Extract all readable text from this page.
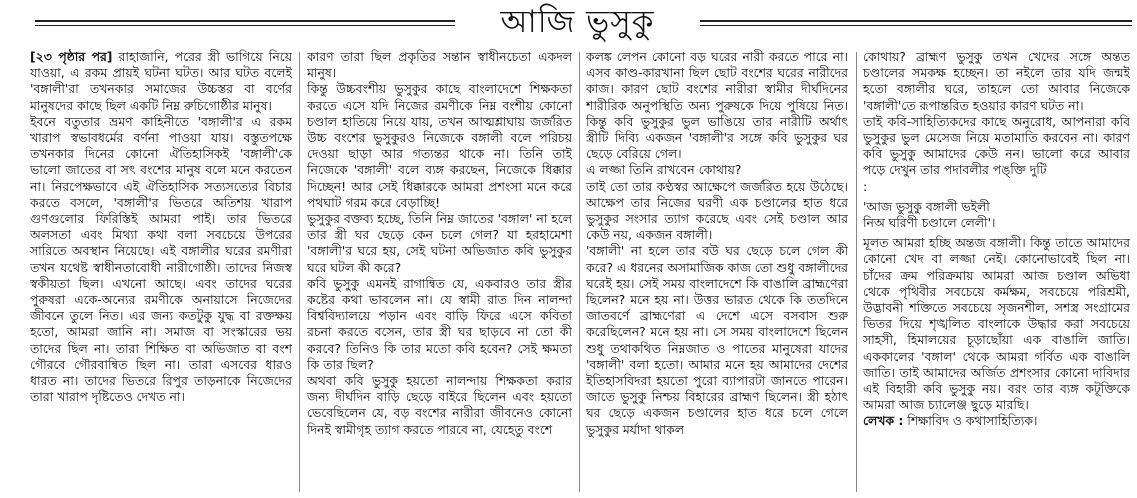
আজি ভুসুকু

[২৩ পৃষ্ঠার পর] রাহাজানি, পরের স্ত্রী ভাগিয়ে নিয়ে যাওয়া, এ রকম প্রায়ই ঘটনা ঘটত। আর ঘটত বলেই 'বঙ্গালী'রা তখনকার সমাজের উচ্চস্তর বা বর্ণের মানুষদের কাছে ছিল একটি নিম্ন রুচিগোষ্ঠীর মানুষ।

ইবনে বতুতার ভ্রমণ কাহিনীতে 'বঙ্গালী'র এ রকম খারাপ স্বভাবধর্মের বর্ণনা পাওয়া যায়। বস্তুতপক্ষে তখনকার দিনের কোনো ঐতিহাসিকই 'বঙ্গালী'কে ভালো জাতের বা সৎ বংশের মানুষ বলে মনে করতেন না। নিরপেক্ষভাবে এই ঐতিহাসিক সত্যসত্যের বিচার করতে বসলে, 'বঙ্গালী'র ভিতরে অতিশয় খারাপ গুণগুলোর ফিরিস্তিই আমরা পাই। তার ভিতরে অলসতা এবং মিথ্যা কথা বলা সবচেয়ে উপরের সারিতে অবস্থান নিয়েছে। এই বঙ্গালীর ঘরের রমণীরা তখন যথেষ্ট স্বাধীনতাবোধী নারীগোষ্ঠী। তাদের নিজস্ব স্বকীয়তা ছিল। এখনো আছে। এবং তাদের ঘরের পুরুষরা একে-অন্যের রমণীকে অনায়াসে নিজেদের জীবনে তুলে নিত। এর জন্য কতটুকু যুদ্ধ বা রক্তক্ষয় হতো, আমরা জানি না। সমাজ বা সংস্কারের ভয় তাদের ছিল না। তারা শিক্ষিত বা অভিজাত বা বংশ গৌরবে গৌরবান্বিত ছিল না। তারা এসবের ধারও ধারত না। তাদের ভিতরে রিপুর তাড়নাকে নিজেদের তারা খারাপ দৃষ্টিতেও দেখত না।

কারণ তারা ছিল প্রকৃতির সন্তান স্বাধীনচেতা একদল মানুষ।

কিন্তু উচ্চবংশীয় ভুসুকুর কাছে বাংলাদেশে শিক্ষকতা করতে এসে যদি নিজের রমণীকে নিম্ন বংশীয় কোনো চণ্ডাল হাতিয়ে নিয়ে যায়, তখন আত্মশ্লাঘায় জর্জরিত উচ্চ বংশের ভুসুকুরও নিজেকে বঙ্গালী বলে পরিচয় দেওয়া ছাড়া আর গত্যন্তর থাকে না। তিনি তাই নিজেকে 'বঙ্গালী' বলে ব্যঙ্গ করছেন, নিজেকে ধিক্কার দিচ্ছেন! আর সেই ধিক্কারকে আমরা প্রশংসা মনে করে পথঘাট গরম করে বেড়াচ্ছি!

ভুসুকুর বক্তব্য হচ্ছে, তিনি নিম্ন জাতের 'বঙ্গাল' না হলে তার স্ত্রী ঘর ছেড়ে কেন চলে গেল? যা হরহামেশা 'বঙ্গালী'র ঘরে হয়, সেই ঘটনা অভিজাত কবি ভুসুকুর ঘরে ঘটল কী করে?

কবি ভুসুকু এমনই রাগান্বিত যে, একবারও তার স্ত্রীর কষ্টের কথা ভাবলেন না। যে স্বামী রাত দিন নালন্দা বিশ্ববিদ্যালয়ে পড়ান এবং বাড়ি ফিরে এসে কবিতা রচনা করতে বসেন, তার স্ত্রী ঘর ছাড়বে না তো কী করবে? তিনিও কি তার মতো কবি হবেন? সেই ক্ষমতা কি তার ছিল?

অথবা কবি ভুসুকু হয়তো নালন্দায় শিক্ষকতা করার জন্য দীর্ঘদিন বাড়ি ছেড়ে বাইরে ছিলেন এবং হয়তো ভেবেছিলেন যে, বড় বংশের নারীরা জীবনেও কোনো দিনই স্বামীগৃহ ত্যাগ করতে পারবে না, যেহেতু বংশে

কলঙ্ক লেপন কোনো বড় ঘরের নারী করতে পারে না। এসব কাণ্ড-কারখানা ছিল ছোট বংশের ঘরের নারীদের কাজ। কারণ ছোট বংশের নারীরা স্বামীর দীর্ঘদিনের শারীরিক অনুপস্থিতি অন্য পুরুষকে দিয়ে পুষিয়ে নিত। কিন্তু কবি ভুসুকুর ভুল ভাঙিয়ে তার নারীটি অর্থাৎ স্ত্রীটি দিব্যি একজন 'বঙ্গালী'র সঙ্গে কবি ভুসুকুর ঘর ছেড়ে বেরিয়ে গেল।

এ লজ্জা তিনি রাখবেন কোথায়?

তাই তো তার কণ্ঠস্বর আক্ষেপে জর্জরিত হয়ে উঠেছে। আক্ষেপ তার নিজের ঘরণী এক চণ্ডালের হাত ধরে ভুসুকুর সংসার ত্যাগ করেছে এবং সেই চণ্ডাল আর কেউ নয়, একজন বঙ্গালী।

'বঙ্গালী' না হলে তার বউ ঘর ছেড়ে চলে গেল কী করে? এ ধরনের অসামাজিক কাজ তো শুধু বঙ্গালীদের ঘরেই হয়। সেই সময় বাংলাদেশে কি বাঙালি ব্রাহ্মণেরা ছিলেন? মনে হয় না। উত্তর ভারত থেকে কি ততদিনে জাতবর্ণে ব্রাহ্মণেরা এ দেশে এসে বসবাস শুরু করেছিলেন? মনে হয় না। সে সময় বাংলাদেশে ছিলেন শুধু তথাকথিত নিম্নজাত ও পাতের মানুষেরা যাদের 'বঙ্গালী' বলা হতো। আমার মনে হয় আমাদের দেশের ইতিহাসবিদরা হয়তো পুরো ব্যাপারটা জানতে পারেন। জাতে ভুসুকু নিশ্চয় বিহারের ব্রাহ্মণ ছিলেন। স্ত্রী হঠাৎ ঘর ছেড়ে একজন চণ্ডালের হাত ধরে চলে গেলে ভুসুকুর মর্যাদা থাকল

কোথায়? ব্রাহ্মণ ভুসুকু তখন খেদের সঙ্গে অন্তত চণ্ডালের সমকক্ষ হচ্ছেন। তা নইলে তার যদি জন্মই হতো বঙ্গালীর ঘরে, তাহলে তো আবার নিজেকে 'বঙ্গালী'তে রূপান্তরিত হওয়ার কারণ ঘটত না।

তাই কবি-সাহিত্যিকদের কাছে অনুরোধ, আপনারা কবি ভুসুকুর ভুল মেসেজ নিয়ে মতামাতি করবেন না। কারণ কবি ভুসুকু আমাদের কেউ নন। ভালো করে আবার পড়ে দেখুন তার পদাবলীর পঙ্‌ক্তি দুটি

:

'আজ ভুসুকু বঙ্গালী ভইলী

নিঅ ঘরিণী চণ্ডালে লেলী'।

মূলত আমরা হচ্ছি অন্তজ বঙ্গালী। কিন্তু তাতে আমাদের কোনো খেদ বা লজ্জা নেই। কোনোভাবেই ছিল না। চাঁদের ক্রম পরিক্রমায় আমরা আজ চণ্ডাল অভিধা থেকে পৃথিবীর সবচেয়ে কর্মক্ষম, সবচেয়ে পরিশ্রমী, উদ্ভাবনী শক্তিতে সবচেয়ে সৃজনশীল, সশস্ত্র সংগ্রামের ভিতর দিয়ে শৃঙ্খলিত বাংলাকে উদ্ধার করা সবচেয়ে সাহসী, হিমালয়ের চূড়াছোঁয়া এক বাঙালি জাতি। এককালের 'বঙ্গাল' থেকে আমরা গর্বিত এক বাঙালি জাতি। তাই আমাদের অর্জিত প্রশংসার কোনো দাবিদার এই বিহারী কবি ভুসুকু নয়। বরং তার ব্যঙ্গ কটূক্তিকে আমরা আজ চ্যালেঞ্জ ছুড়ে মারছি।

লেখক : শিক্ষাবিদ ও কথাসাহিত্যিক।
